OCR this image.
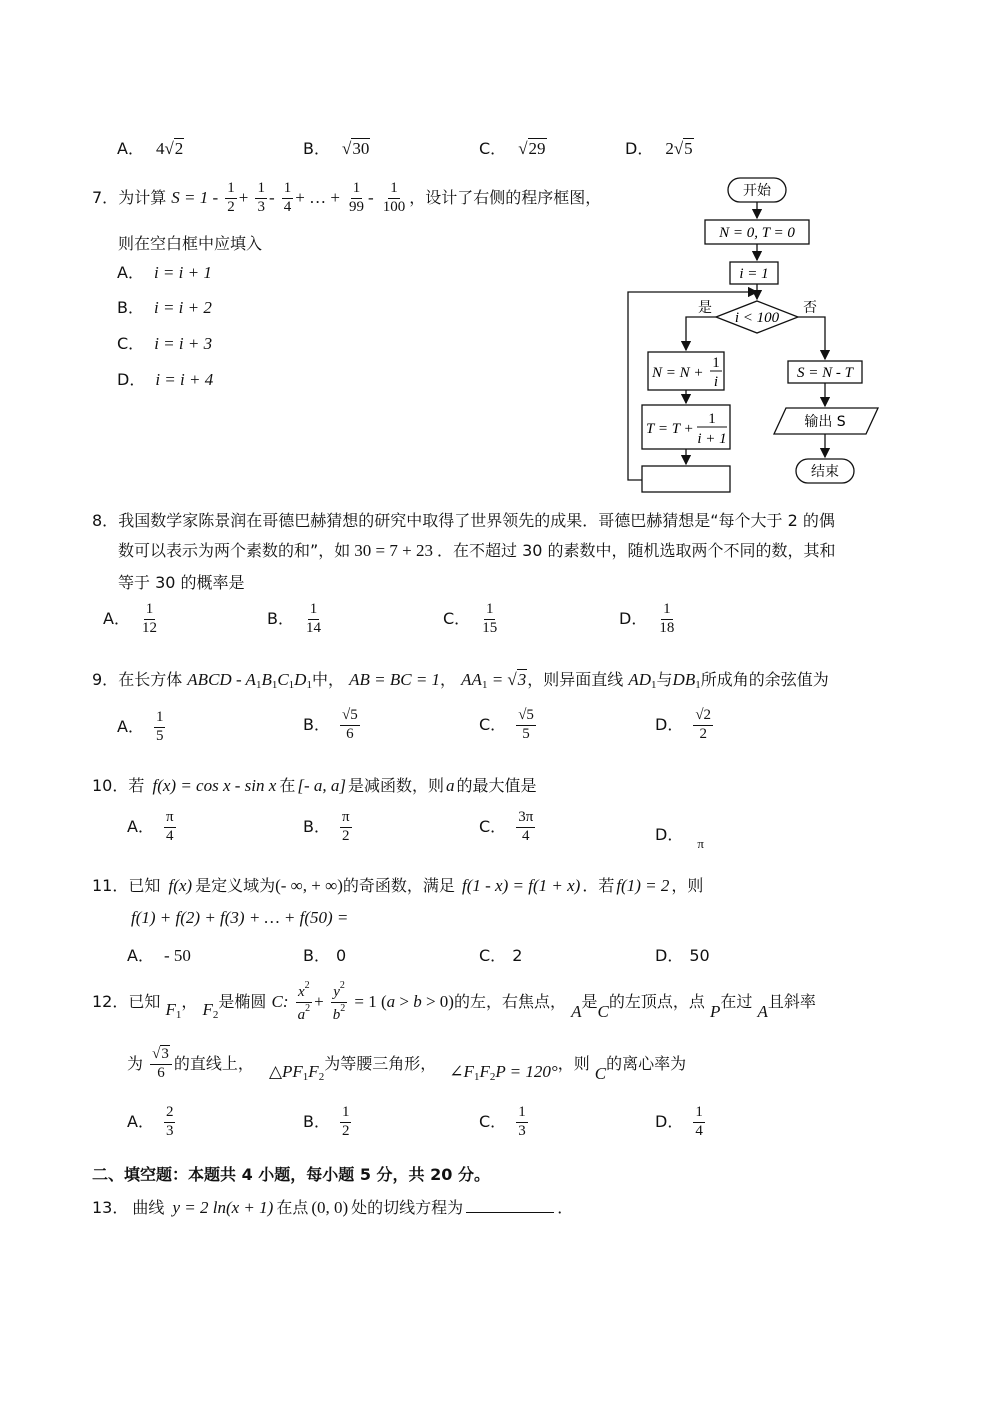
A． 4√2	B． √30	C． √29	D． 2√5
7．为计算 $S = 1 - \frac{1}{2} + \frac{1}{3} - \frac{1}{4}$ + … + $\frac{1}{99} - \frac{1}{100}$ ，设计了右侧的程序框图，
则在空白框中应填入
A． i = i + 1
B． i = i + 2
C． i = i + 3
D． i = i + 4
开始
N = 0, T = 0
i = 1
i < 100
是	否
N = N +
1
i
T = T +
1
i + 1
S = N - T
输出 S
结束
8．我国数学家陈景润在哥德巴赫猜想的研究中取得了世界领先的成果．哥德巴赫猜想是“每个大于 2 的偶
数可以表示为两个素数的和”，如 30 = 7 + 23 ．在不超过 30 的素数中，随机选取两个不同的数，其和
等于 30 的概率是
A． $\frac{1}{12}$	B． $\frac{1}{14}$	C． $\frac{1}{15}$	D． $\frac{1}{18}$
9．在长方体 ABCD - $A_1B_1C_1D_1$中， AB = BC = 1， $AA_1 = √3$，则异面直线 $AD_1$与$DB_1$所成角的余弦值为
A． $\frac{1}{5}$	B． $\frac{√5}{6}$	C． $\frac{√5}{5}$	D． $\frac{√2}{2}$
10．若 f(x) = cos x - sin x 在 [- a, a] 是减函数，则 a 的最大值是
A． $\frac{\pi}{4}$	B． $\frac{\pi}{2}$	C． $\frac{3\pi}{4}$	D． $_\pi$
11．已知 f(x) 是定义域为(- ∞, + ∞)的奇函数，满足 f(1 - x) = f(1 + x) ．若 f(1) = 2 ，则
f(1) + f(2) + f(3) + … + f(50) =
A． - 50	B． 0	C． 2	D． 50
12．已知 $F_1$， $F_2$是椭圆 C: $\frac{x^2}{a^2} + \frac{y^2}{b^2} = 1$ (a > b > 0)的左，右焦点， A是C的左顶点，点 P在过 A且斜率
为 $\frac{√3}{6}$ 的直线上， $\triangle PF_1F_2$为等腰三角形， $\angle F_1F_2P = 120^\circ$，则 C的离心率为
A． $\frac{2}{3}$	B． $\frac{1}{2}$	C． $\frac{1}{3}$	D． $\frac{1}{4}$
二、填空题：本题共 4 小题，每小题 5 分，共 20 分。
13． 曲线 y = 2 ln(x + 1) 在点 (0, 0) 处的切线方程为	．
